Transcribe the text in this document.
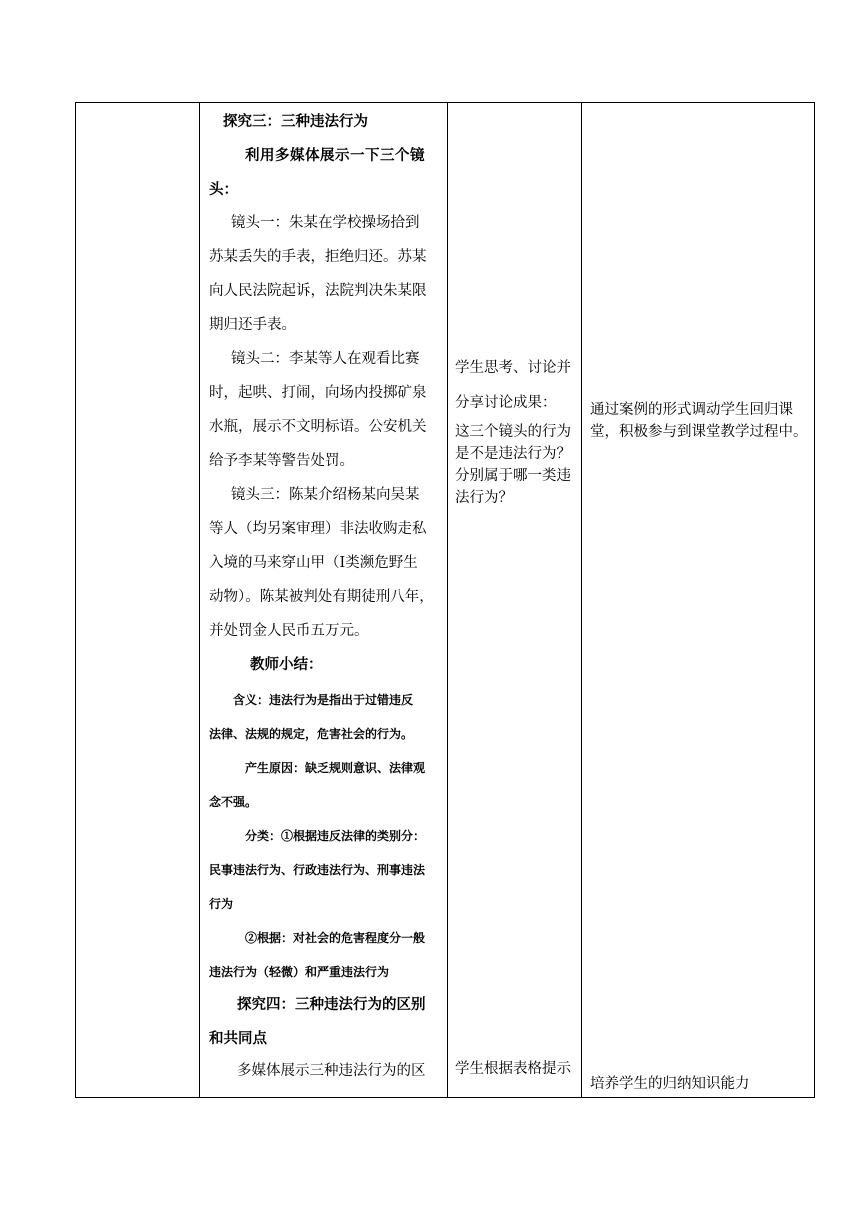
探究三：三种违法行为
利用多媒体展示一下三个镜
头：
镜头一：朱某在学校操场拾到
苏某丢失的手表，拒绝归还。苏某
向人民法院起诉，法院判决朱某限
期归还手表。
镜头二：李某等人在观看比赛
时，起哄、打闹，向场内投掷矿泉
水瓶，展示不文明标语。公安机关
给予李某等警告处罚。
镜头三：陈某介绍杨某向吴某
等人（均另案审理）非法收购走私
入境的马来穿山甲（Ⅰ类濒危野生
动物）。陈某被判处有期徒刑八年，
并处罚金人民币五万元。
教师小结：
含义：违法行为是指出于过错违反
法律、法规的规定，危害社会的行为。
产生原因：缺乏规则意识、法律观
念不强。
分类：①根据违反法律的类别分：
民事违法行为、行政违法行为、刑事违法
行为
②根据：对社会的危害程度分一般
违法行为（轻微）和严重违法行为
探究四：三种违法行为的区别
和共同点
多媒体展示三种违法行为的区
学生思考、讨论并
分享讨论成果：
这三个镜头的行为
是不是违法行为？
分别属于哪一类违
法行为？
学生根据表格提示
通过案例的形式调动学生回归课
堂，积极参与到课堂教学过程中。
培养学生的归纳知识能力
